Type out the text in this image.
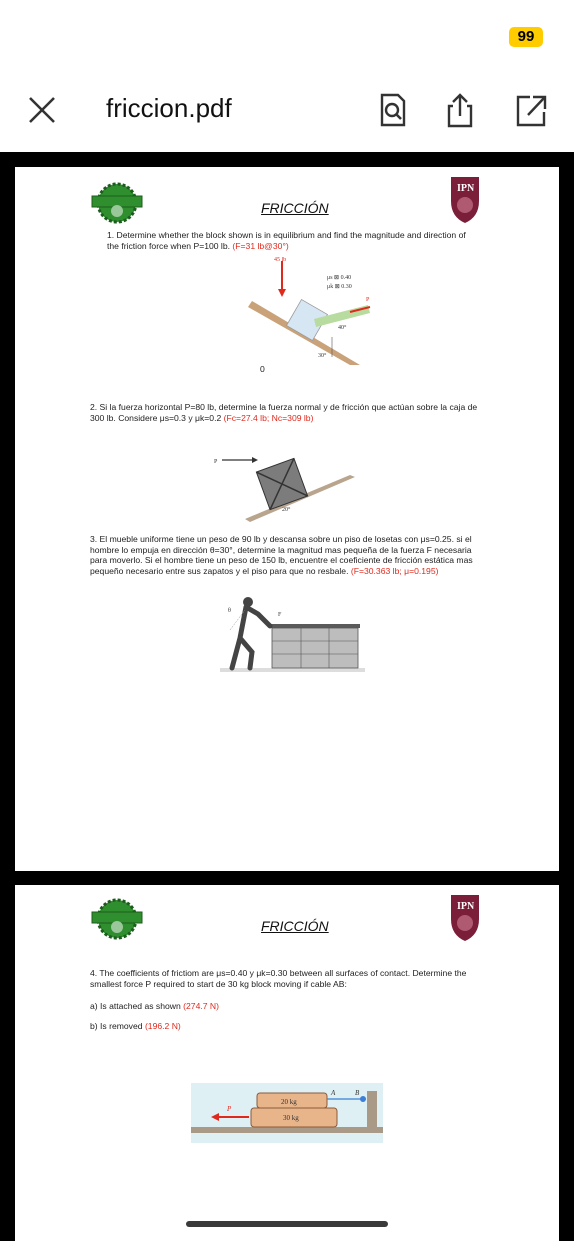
99
friccion.pdf
FRICCIÓN
IPN
1. Determine whether the block shown is in equilibrium and find the magnitude and direction of the friction force when P=100 lb. (F=31 lb@30°)
45 lb
μs ⊠ 0.40
μk ⊠ 0.30
P
40°
30°
0
2. Si la fuerza horizontal P=80 lb, determine la fuerza normal y de fricción que actúan sobre la caja de 300 lb. Considere μs=0.3 y μk=0.2 (Fc=27.4 lb; Nc=309 lb)
P
20°
3. El mueble uniforme tiene un peso de 90 lb y descansa sobre un piso de losetas con μs=0.25. si el hombre lo empuja en dirección θ=30°, determine la magnitud mas pequeña de la fuerza F necesaria para moverlo. Si el hombre tiene un peso de 150 lb, encuentre el coeficiente de fricción estática mas pequeño necesario entre sus zapatos y el piso para que no resbale. (F=30.363 lb; μ=0.195)
θ
F
FRICCIÓN
IPN
4. The coefficients of frictiom are μs=0.40 y μk=0.30 between all surfaces of contact. Determine the smallest force P required to start de 30 kg block moving if cable AB:
a) Is attached as shown (274.7 N)
b) Is removed (196.2 N)
20 kg
30 kg
A	B
P
